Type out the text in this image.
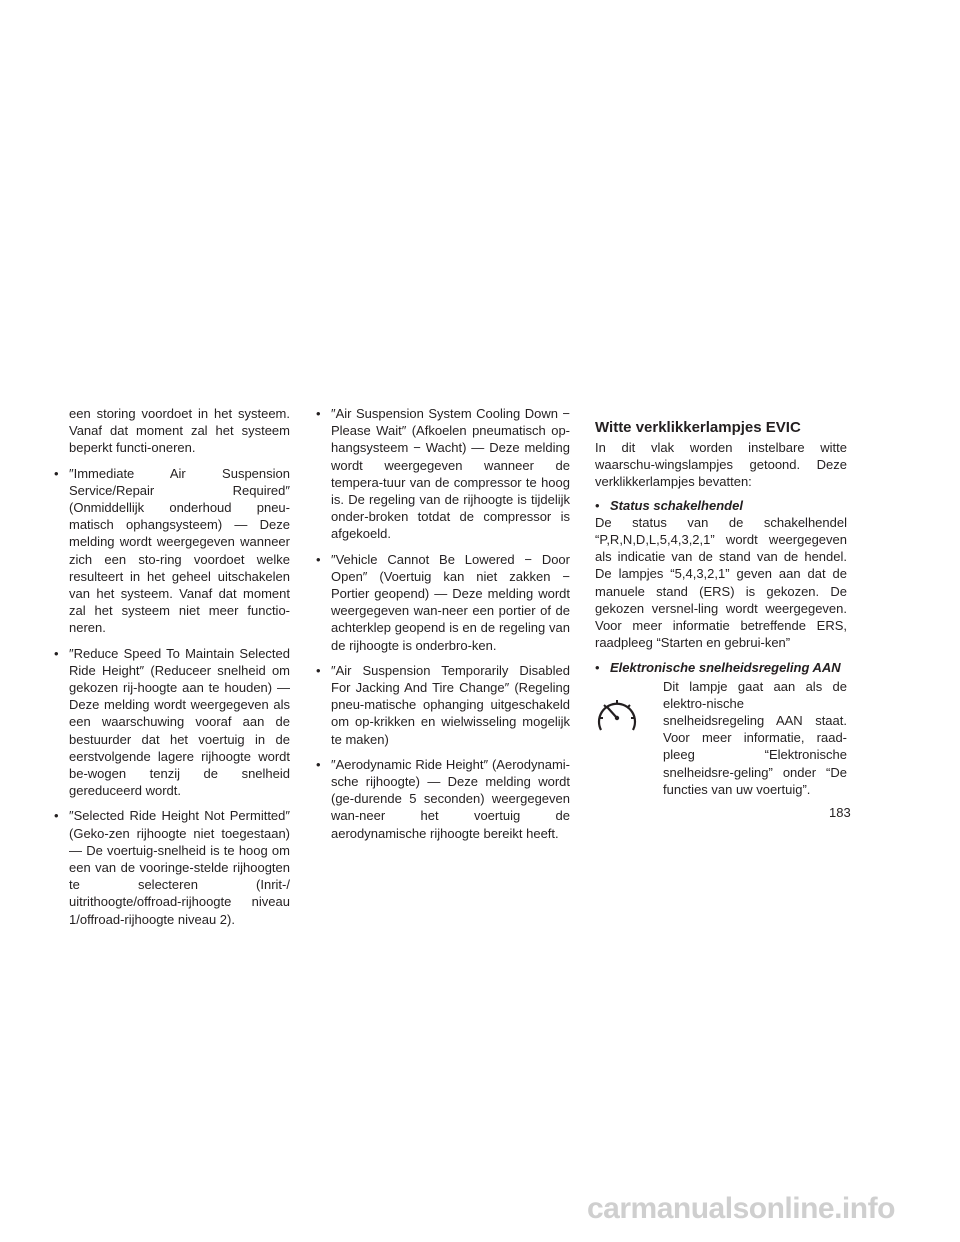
een storing voordoet in het systeem. Vanaf dat moment zal het systeem beperkt functi-oneren.

• ″Immediate Air Suspension Service/Repair Required″ (Onmiddellijk onderhoud pneu-matisch ophangsysteem) — Deze melding wordt weergegeven wanneer zich een sto-ring voordoet welke resulteert in het geheel uitschakelen van het systeem. Vanaf dat moment zal het systeem niet meer functio-neren.
• ″Reduce Speed To Maintain Selected Ride Height″ (Reduceer snelheid om gekozen rij-hoogte aan te houden) — Deze melding wordt weergegeven als een waarschuwing vooraf aan de bestuurder dat het voertuig in de eerstvolgende lagere rijhoogte wordt be-wogen tenzij de snelheid gereduceerd wordt.
• ″Selected Ride Height Not Permitted″ (Geko-zen rijhoogte niet toegestaan) — De voertuig-snelheid is te hoog om een van de vooringe-stelde rijhoogten te selecteren (Inrit-/ uitrithoogte/offroad-rijhoogte niveau 1/offroad-rijhoogte niveau 2).
• ″Air Suspension System Cooling Down − Please Wait″ (Afkoelen pneumatisch op-hangsysteem − Wacht) — Deze melding wordt weergegeven wanneer de tempera-tuur van de compressor te hoog is. De regeling van de rijhoogte is tijdelijk onder-broken totdat de compressor is afgekoeld.
• ″Vehicle Cannot Be Lowered − Door Open″ (Voertuig kan niet zakken − Portier geopend) — Deze melding wordt weergegeven wan-neer een portier of de achterklep geopend is en de regeling van de rijhoogte is onderbro-ken.
• ″Air Suspension Temporarily Disabled For Jacking And Tire Change″ (Regeling pneu-matische ophanging uitgeschakeld om op-krikken en wielwisseling mogelijk te maken)
• ″Aerodynamic Ride Height″ (Aerodynami-sche rijhoogte) — Deze melding wordt (ge-durende 5 seconden) weergegeven wan-neer het voertuig de aerodynamische rijhoogte bereikt heeft.
Witte verklikkerlampjes EVIC

In dit vlak worden instelbare witte waarschu-wingslampjes getoond. Deze verklikkerlampjes bevatten:

• Status schakelhendel

De status van de schakelhendel “P,R,N,D,L,5,4,3,2,1” wordt weergegeven als indicatie van de stand van de hendel. De lampjes “5,4,3,2,1” geven aan dat de manuele stand (ERS) is gekozen. De gekozen versnel-ling wordt weergegeven. Voor meer informatie betreffende ERS, raadpleeg “Starten en gebrui-ken”

• Elektronische snelheidsregeling AAN
Dit lampje gaat aan als de elektro-nische snelheidsregeling AAN staat. Voor meer informatie, raad-pleeg “Elektronische snelheidsre-geling” onder “De functies van uw voertuig”.
183
carmanualsonline.info
